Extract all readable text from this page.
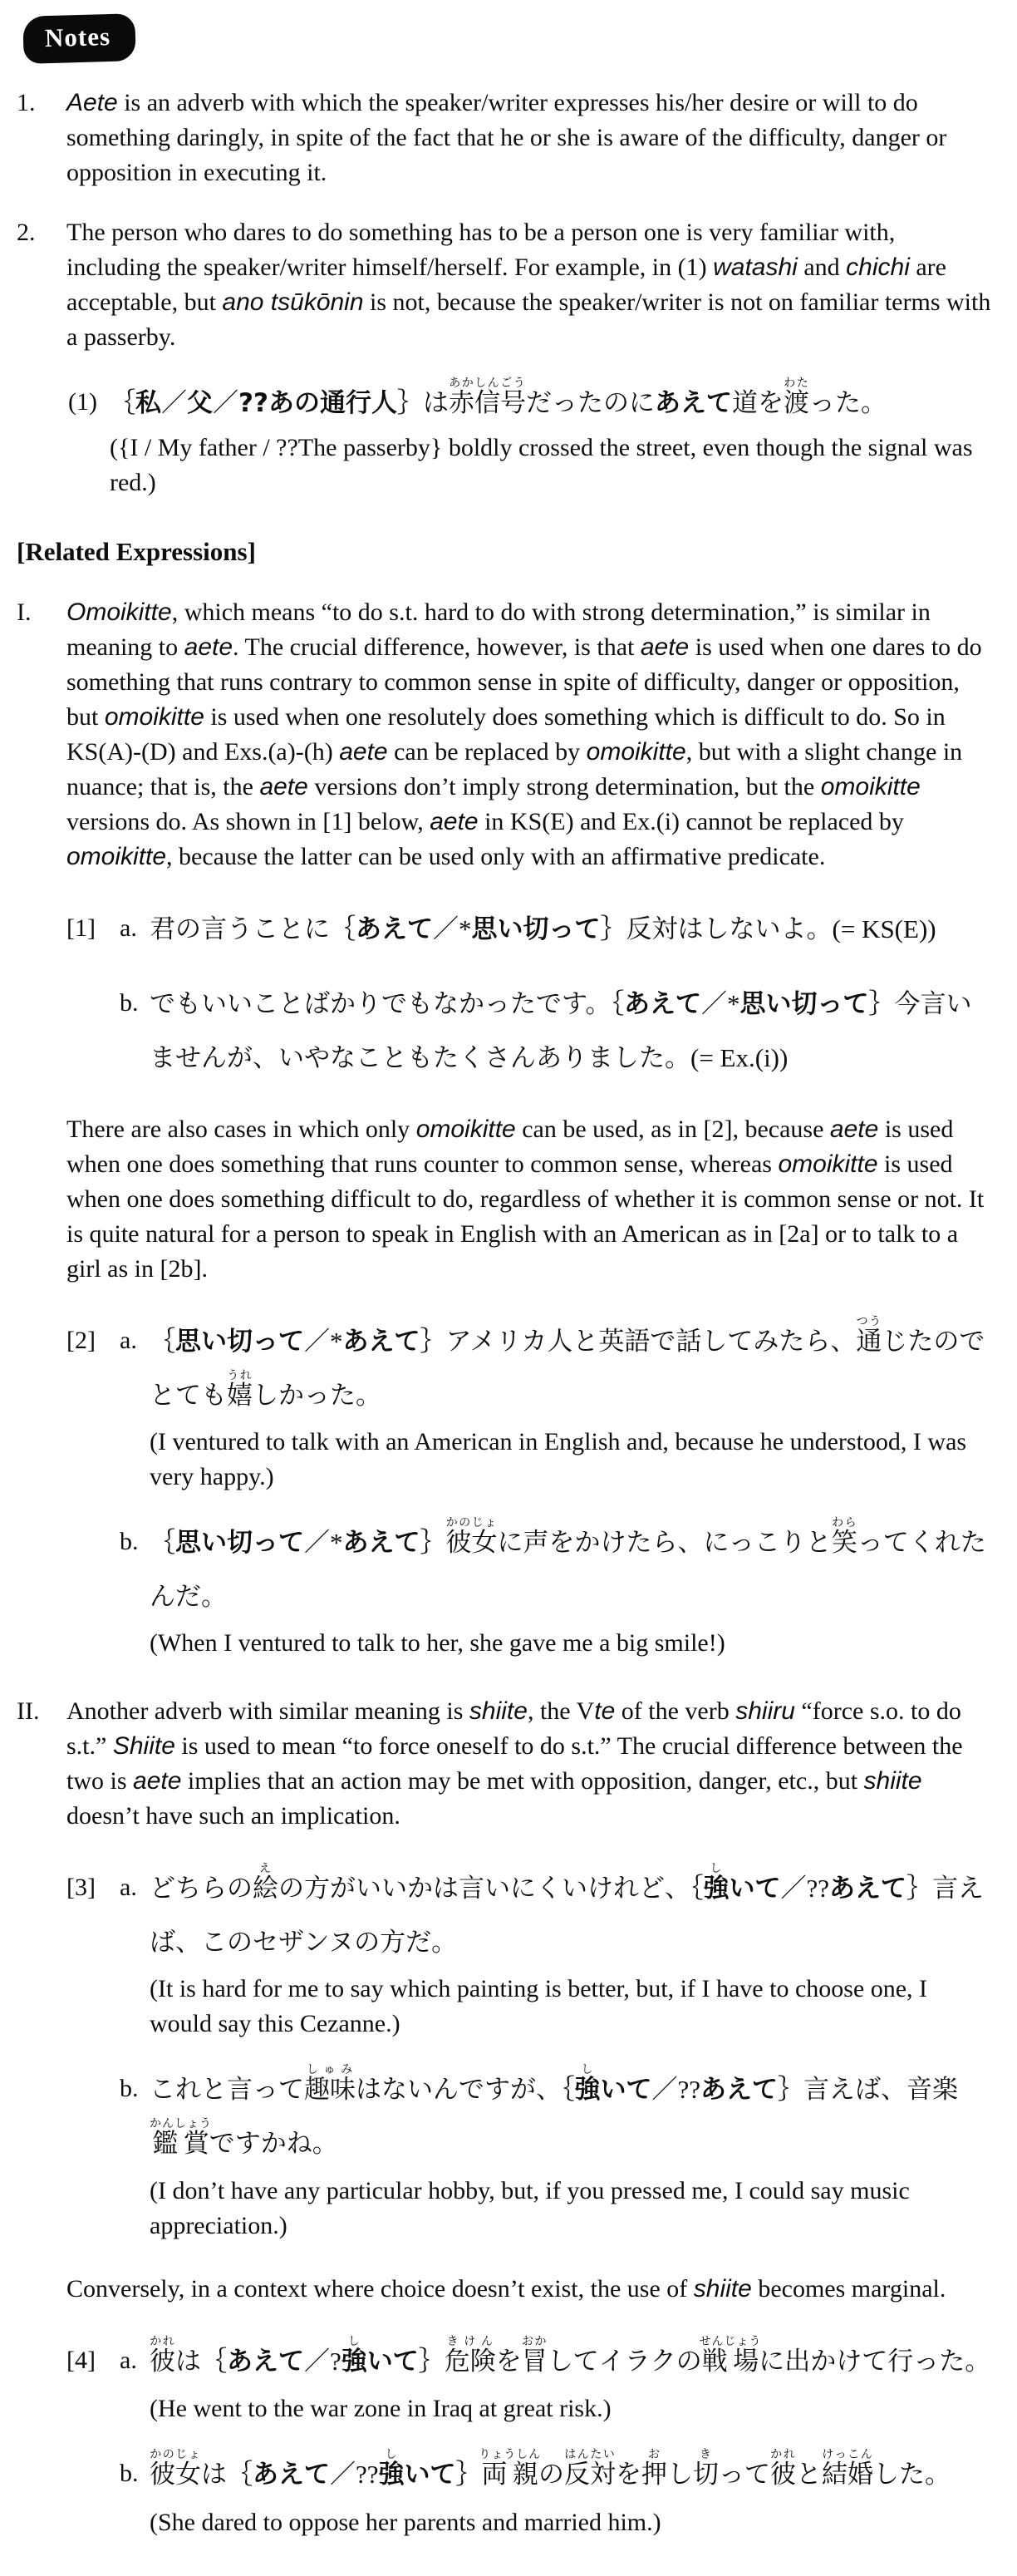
Notes
1.	Aete is an adverb with which the speaker/writer expresses his/her desire or will to do something daringly, in spite of the fact that he or she is aware of the difficulty, danger or opposition in executing it.
2.	The person who dares to do something has to be a person one is very familiar with, including the speaker/writer himself/herself. For example, in (1) watashi and chichi are acceptable, but ano tsūkōnin is not, because the speaker/writer is not on familiar terms with a passerby.
(1) ｛私／父／??あの通行人｝は赤信号あかしんごうだったのにあえて道を渡わたった。
({I / My father / ??The passerby} boldly crossed the street, even though the signal was red.)
[Related Expressions]
I.	Omoikitte, which means “to do s.t. hard to do with strong determination,” is similar in meaning to aete. The crucial difference, however, is that aete is used when one dares to do something that runs contrary to common sense in spite of difficulty, danger or opposition, but omoikitte is used when one resolutely does something which is difficult to do. So in KS(A)-(D) and Exs.(a)-(h) aete can be replaced by omoikitte, but with a slight change in nuance; that is, the aete versions don’t imply strong determination, but the omoikitte versions do. As shown in [1] below, aete in KS(E) and Ex.(i) cannot be replaced by omoikitte, because the latter can be used only with an affirmative predicate.
[1] a. 君の言うことに｛あえて／*思い切って｝反対はしないよ。(= KS(E))
b. でもいいことばかりでもなかったです。｛あえて／*思い切って｝今言いませんが、いやなこともたくさんありました。(= Ex.(i))
There are also cases in which only omoikitte can be used, as in [2], because aete is used when one does something that runs counter to common sense, whereas omoikitte is used when one does something difficult to do, regardless of whether it is common sense or not. It is quite natural for a person to speak in English with an American as in [2a] or to talk to a girl as in [2b].
[2] a. ｛思い切って／*あえて｝アメリカ人と英語で話してみたら、通つうじたのでとても嬉うれしかった。
(I ventured to talk with an American in English and, because he understood, I was very happy.)
b. ｛思い切って／*あえて｝彼女かのじょに声をかけたら、にっこりと笑わらってくれたんだ。
(When I ventured to talk to her, she gave me a big smile!)
II.	Another adverb with similar meaning is shiite, the Vte of the verb shiiru “force s.o. to do s.t.” Shiite is used to mean “to force oneself to do s.t.” The crucial difference between the two is aete implies that an action may be met with opposition, danger, etc., but shiite doesn’t have such an implication.
[3] a. どちらの絵えの方がいいかは言いにくいけれど、｛強しいて／??あえて｝言えば、このセザンヌの方だ。
(It is hard for me to say which painting is better, but, if I have to choose one, I would say this Cezanne.)
b. これと言って趣味しゅみはないんですが、｛強しいて／??あえて｝言えば、音楽鑑賞かんしょうですかね。
(I don’t have any particular hobby, but, if you pressed me, I could say music appreciation.)
Conversely, in a context where choice doesn’t exist, the use of shiite becomes marginal.
[4] a. 彼かれは｛あえて／?強しいて｝危険きけんを冒おかしてイラクの戦場せんじょうに出かけて行った。
(He went to the war zone in Iraq at great risk.)
b. 彼女かのじょは｛あえて／??強しいて｝両親りょうしんの反対はんたいを押おし切きって彼かれと結婚けっこんした。
(She dared to oppose her parents and married him.)
